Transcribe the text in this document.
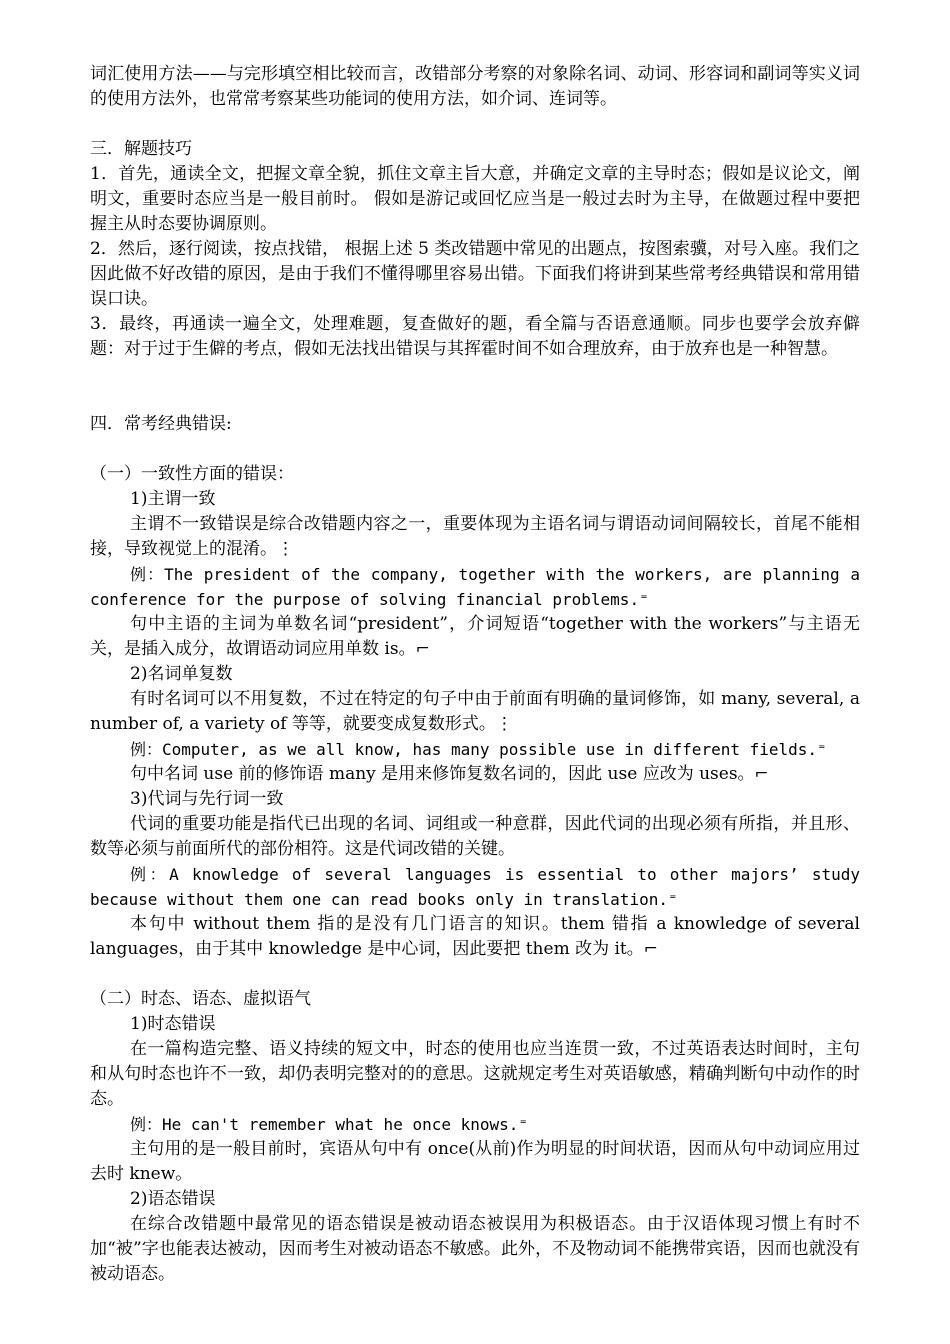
词汇使用方法——与完形填空相比较而言，改错部分考察的对象除名词、动词、形容词和副词等实义词的使用方法外，也常常考察某些功能词的使用方法，如介词、连词等。

三．解题技巧

1．首先，通读全文，把握文章全貌，抓住文章主旨大意，并确定文章的主导时态；假如是议论文，阐明文，重要时态应当是一般目前时。 假如是游记或回忆应当是一般过去时为主导，在做题过程中要把握主从时态要协调原则。

2．然后，逐行阅读，按点找错， 根据上述 5 类改错题中常见的出题点，按图索骥，对号入座。我们之因此做不好改错的原因，是由于我们不懂得哪里容易出错。下面我们将讲到某些常考经典错误和常用错误口诀。

3．最终，再通读一遍全文，处理难题，复查做好的题，看全篇与否语意通顺。同步也要学会放弃僻题：对于过于生僻的考点，假如无法找出错误与其挥霍时间不如合理放弃，由于放弃也是一种智慧。

四．常考经典错误:

（一）一致性方面的错误：

1)主谓一致

主谓不一致错误是综合改错题内容之一，重要体现为主语名词与谓语动词间隔较长，首尾不能相接，导致视觉上的混淆。⋮

例：The president of the company, together with the workers, are planning a conference for the purpose of solving financial problems.⁼

句中主语的主词为单数名词“president”，介词短语“together with the workers”与主语无关，是插入成分，故谓语动词应用单数 is。⌐

2)名词单复数

有时名词可以不用复数，不过在特定的句子中由于前面有明确的量词修饰，如 many, several, a number of, a variety of 等等，就要变成复数形式。⋮

例：Computer, as we all know, has many possible use in different fields.⁼

句中名词 use 前的修饰语 many 是用来修饰复数名词的，因此 use 应改为 uses。⌐

3)代词与先行词一致

代词的重要功能是指代已出现的名词、词组或一种意群，因此代词的出现必须有所指，并且形、数等必须与前面所代的部份相符。这是代词改错的关键。

例：A knowledge of several languages is essential to other majors’ study because without them one can read books only in translation.⁼

本句中 without them 指的是没有几门语言的知识。them 错指 a knowledge of several languages，由于其中 knowledge 是中心词，因此要把 them 改为 it。⌐

（二）时态、语态、虚拟语气

1)时态错误

在一篇构造完整、语义持续的短文中，时态的使用也应当连贯一致，不过英语表达时间时，主句和从句时态也许不一致，却仍表明完整对的的意思。这就规定考生对英语敏感，精确判断句中动作的时态。

例：He can't remember what he once knows.⁼

主句用的是一般目前时，宾语从句中有 once(从前)作为明显的时间状语，因而从句中动词应用过去时 knew。

2)语态错误

在综合改错题中最常见的语态错误是被动语态被误用为积极语态。由于汉语体现习惯上有时不加“被”字也能表达被动，因而考生对被动语态不敏感。此外，不及物动词不能携带宾语，因而也就没有被动语态。
